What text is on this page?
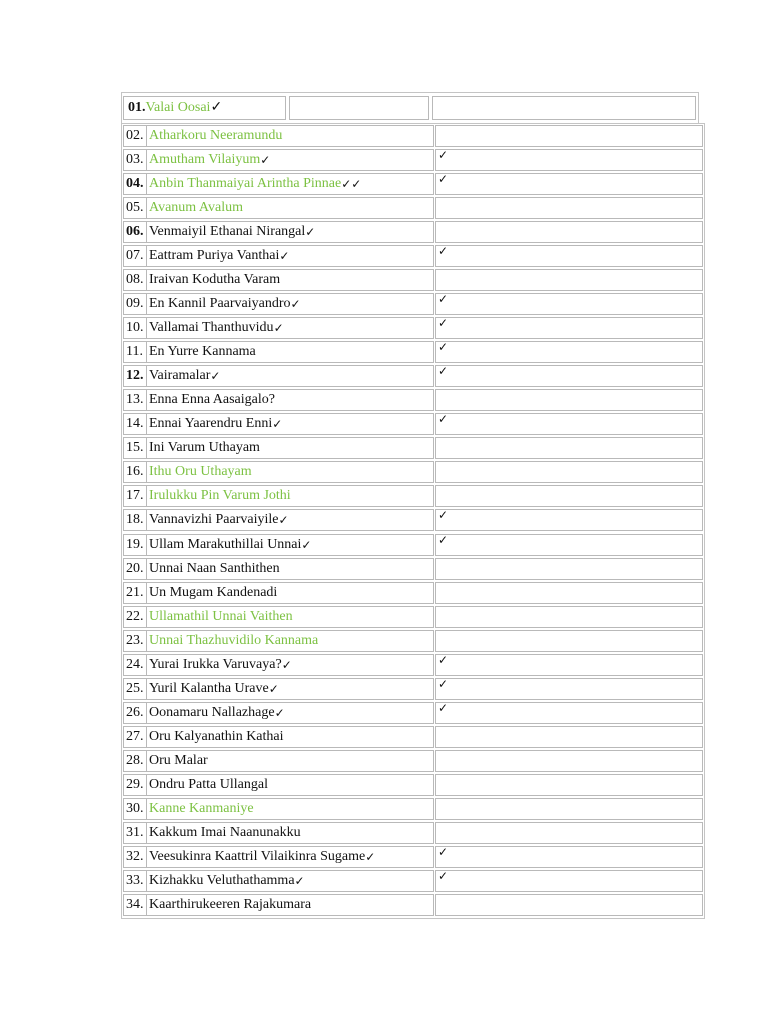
01. Valai Oosai ✓
02. Atharkoru Neeramundu
03. Amutham Vilaiyum ✓	✓
04. Anbin Thanmaiyai Arintha Pinnae ✓✓	✓
05. Avanum Avalum
06. Venmaiyil Ethanai Nirangal ✓
07. Eattram Puriya Vanthai ✓	✓
08. Iraivan Kodutha Varam
09. En Kannil Paarvaiyandro ✓	✓
10. Vallamai Thanthuvidu ✓	✓
11. En Yurre Kannama	✓
12. Vairamalar ✓	✓
13. Enna Enna Aasaigalo?
14. Ennai Yaarendru Enni ✓	✓
15. Ini Varum Uthayam
16. Ithu Oru Uthayam
17. Irulukku Pin Varum Jothi
18. Vannavizhi Paarvaiyile ✓	✓
19. Ullam Marakuthillai Unnai ✓	✓
20. Unnai Naan Santhithen
21. Un Mugam Kandenadi
22. Ullamathil Unnai Vaithen
23. Unnai Thazhuvidilo Kannama
24. Yurai Irukka Varuvaya? ✓	✓
25. Yuril Kalantha Urave ✓	✓
26. Oonamaru Nallazhage ✓	✓
27. Oru Kalyanathin Kathai
28. Oru Malar
29. Ondru Patta Ullangal
30. Kanne Kanmaniye
31. Kakkum Imai Naanunakku
32. Veesukinra Kaattril Vilaikinra Sugame ✓	✓
33. Kizhakku Veluthathamma ✓	✓
34. Kaarthirukeeren Rajakumara
